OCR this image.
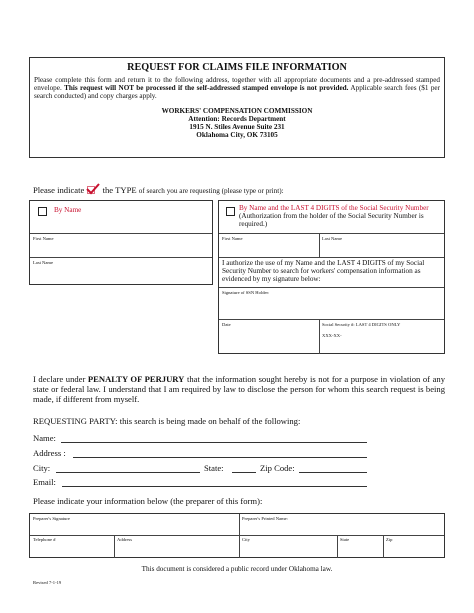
REQUEST FOR CLAIMS FILE INFORMATION
Please complete this form and return it to the following address, together with all appropriate documents and a pre-addressed stamped envelope. This request will NOT be processed if the self-addressed stamped envelope is not provided. Applicable search fees ($1 per search conducted) and copy charges apply.
WORKERS' COMPENSATION COMMISSION
Attention: Records Department
1915 N. Stiles Avenue Suite 231
Oklahoma City, OK 73105
Please indicate the TYPE of search you are requesting (please type or print):
By Name
First Name
Last Name
By Name and the LAST 4 DIGITS of the Social Security Number (Authorization from the holder of the Social Security Number is required.)
First Name	Last Name
I authorize the use of my Name and the LAST 4 DIGITS of my Social Security Number to search for workers' compensation information as evidenced by my signature below:
Signature of SSN Holder:
Date	Social Security #: LAST 4 DIGITS ONLY
XXX-XX-
I declare under PENALTY OF PERJURY that the information sought hereby is not for a purpose in violation of any state or federal law. I understand that I am required by law to disclose the person for whom this search request is being made, if different from myself.
REQUESTING PARTY: this search is being made on behalf of the following:
Name:
Address :
City:	State:	Zip Code:
Email:
Please indicate your information below (the preparer of this form):
Preparer's Signature	Preparer's Printed Name:
Telephone #	Address	City	State	Zip
This document is considered a public record under Oklahoma law.
Revised 7-1-19
